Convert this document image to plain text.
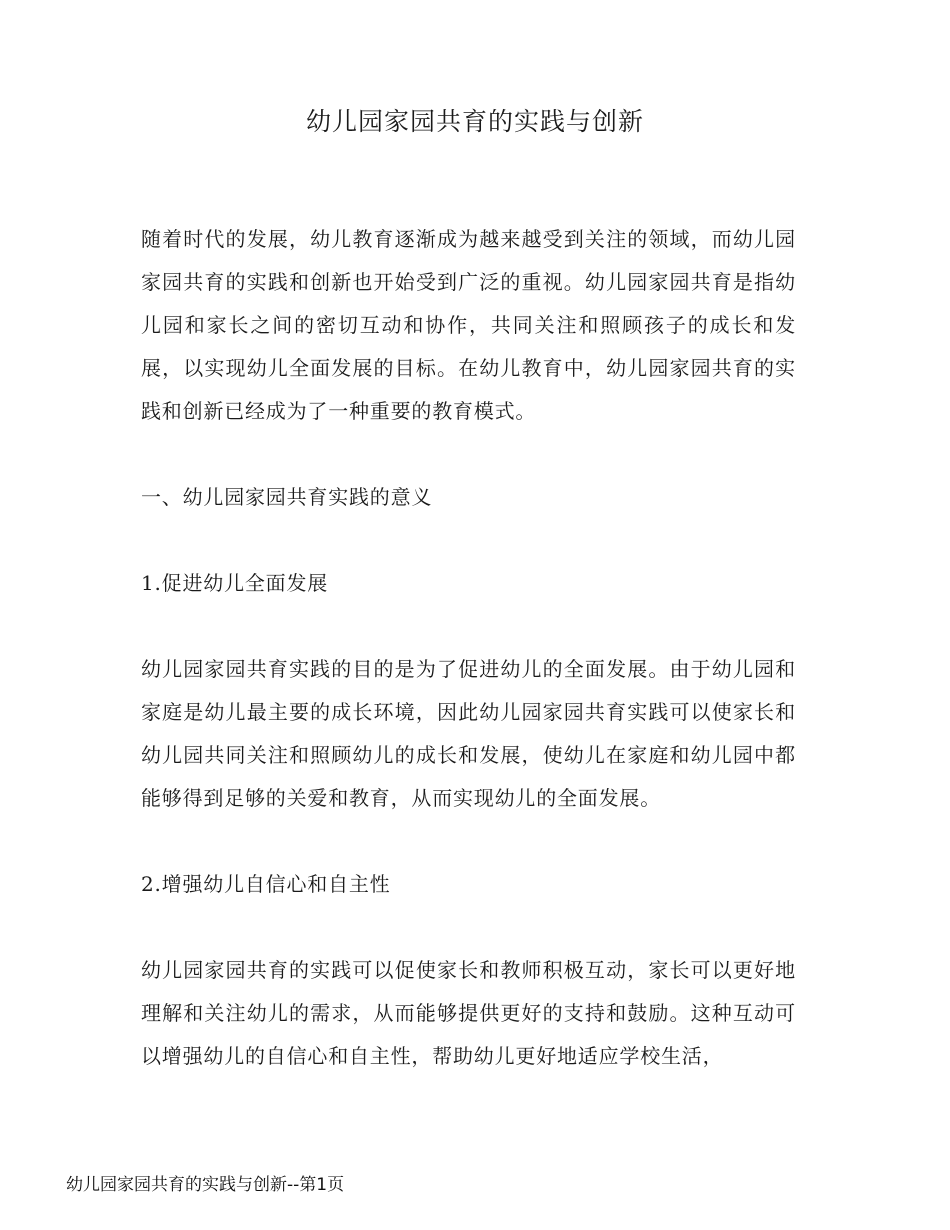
幼儿园家园共育的实践与创新

随着时代的发展，幼儿教育逐渐成为越来越受到关注的领域，而幼儿园家园共育的实践和创新也开始受到广泛的重视。幼儿园家园共育是指幼儿园和家长之间的密切互动和协作，共同关注和照顾孩子的成长和发展，以实现幼儿全面发展的目标。在幼儿教育中，幼儿园家园共育的实践和创新已经成为了一种重要的教育模式。

一、幼儿园家园共育实践的意义

1.促进幼儿全面发展

幼儿园家园共育实践的目的是为了促进幼儿的全面发展。由于幼儿园和家庭是幼儿最主要的成长环境，因此幼儿园家园共育实践可以使家长和幼儿园共同关注和照顾幼儿的成长和发展，使幼儿在家庭和幼儿园中都能够得到足够的关爱和教育，从而实现幼儿的全面发展。

2.增强幼儿自信心和自主性

幼儿园家园共育的实践可以促使家长和教师积极互动，家长可以更好地理解和关注幼儿的需求，从而能够提供更好的支持和鼓励。这种互动可以增强幼儿的自信心和自主性，帮助幼儿更好地适应学校生活，

幼儿园家园共育的实践与创新--第1页
